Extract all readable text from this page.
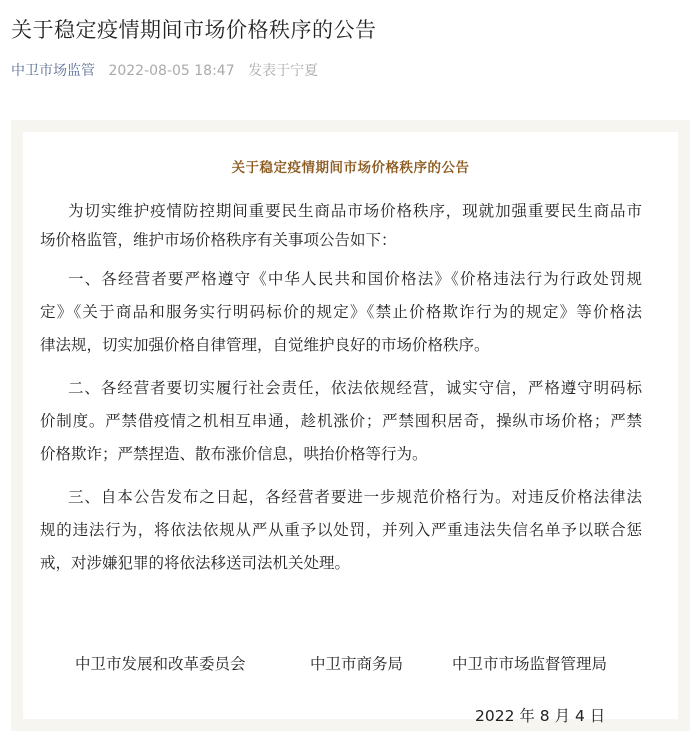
关于稳定疫情期间市场价格秩序的公告
中卫市场监管 2022-08-05 18:47 发表于宁夏
关于稳定疫情期间市场价格秩序的公告
为切实维护疫情防控期间重要民生商品市场价格秩序，现就加强重要民生商品市
场价格监管，维护市场价格秩序有关事项公告如下：
一、各经营者要严格遵守《中华人民共和国价格法》《价格违法行为行政处罚规
定》《关于商品和服务实行明码标价的规定》《禁止价格欺诈行为的规定》等价格法
律法规，切实加强价格自律管理，自觉维护良好的市场价格秩序。
二、各经营者要切实履行社会责任，依法依规经营，诚实守信，严格遵守明码标
价制度。严禁借疫情之机相互串通，趁机涨价；严禁囤积居奇，操纵市场价格；严禁
价格欺诈；严禁捏造、散布涨价信息，哄抬价格等行为。
三、自本公告发布之日起，各经营者要进一步规范价格行为。对违反价格法律法
规的违法行为，将依法依规从严从重予以处罚，并列入严重违法失信名单予以联合惩
戒，对涉嫌犯罪的将依法移送司法机关处理。
中卫市发展和改革委员会	中卫市商务局	中卫市市场监督管理局
2022 年 8 月 4 日
